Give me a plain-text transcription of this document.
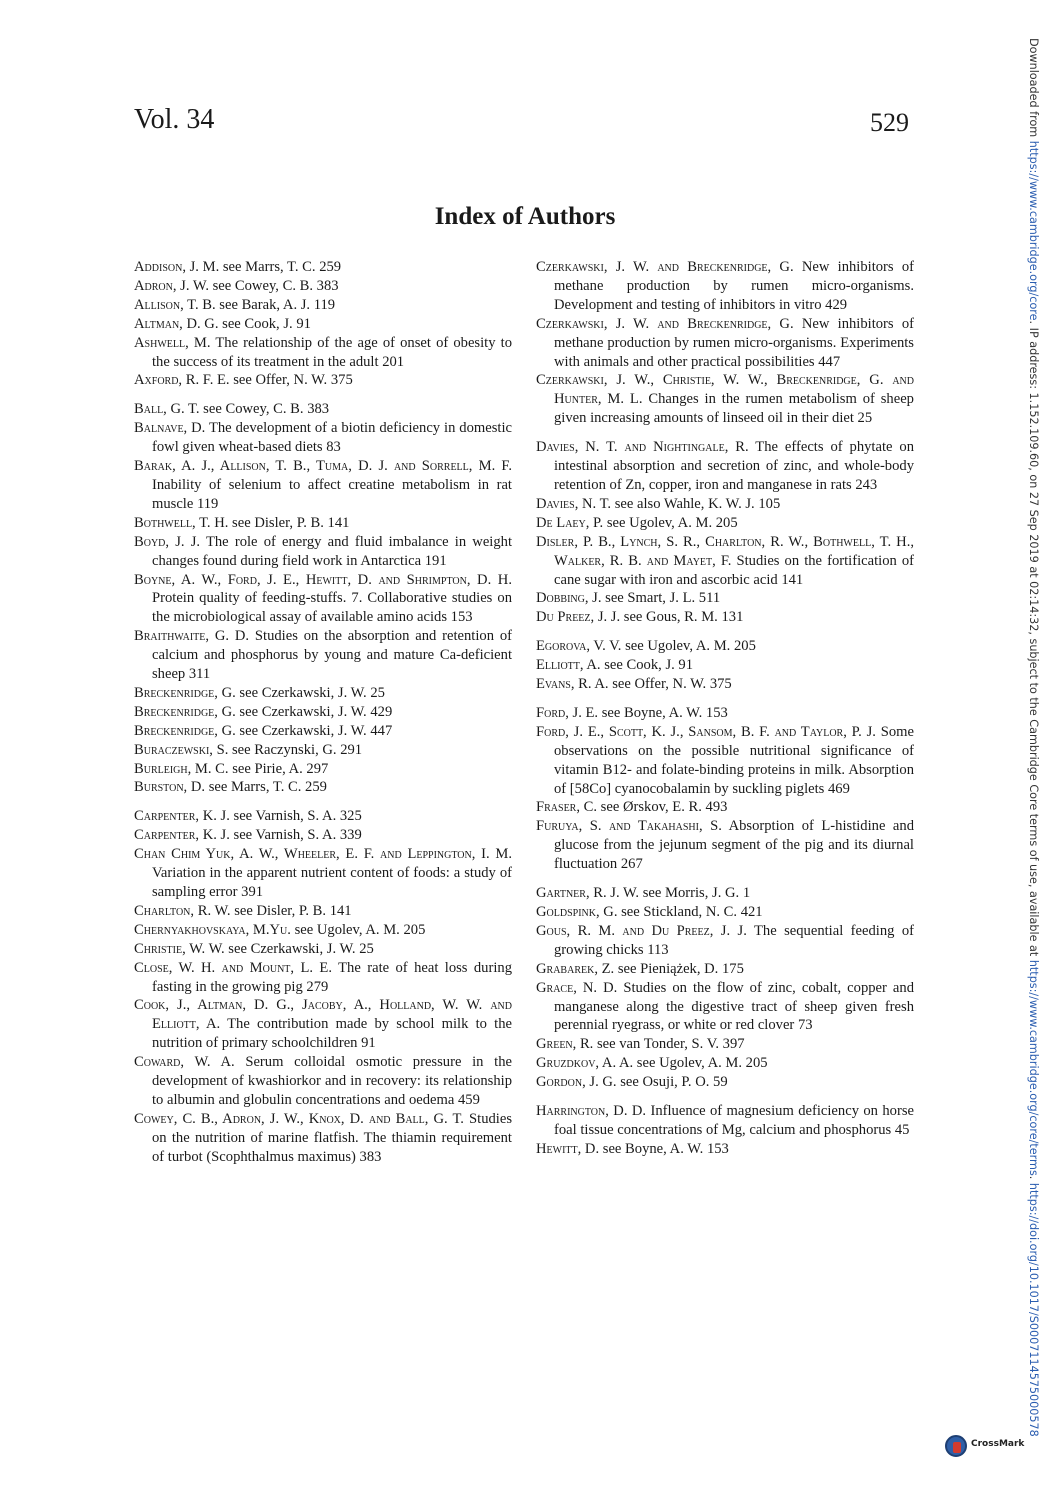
Vol. 34	529
Index of Authors

Addison, J. M. see Marrs, T. C. 259

Adron, J. W. see Cowey, C. B. 383

Allison, T. B. see Barak, A. J. 119

Altman, D. G. see Cook, J. 91

Ashwell, M. The relationship of the age of onset of obesity to the success of its treatment in the adult 201

Axford, R. F. E. see Offer, N. W. 375

Ball, G. T. see Cowey, C. B. 383

Balnave, D. The development of a biotin deficiency in domestic fowl given wheat-based diets 83

Barak, A. J., Allison, T. B., Tuma, D. J. and Sorrell, M. F. Inability of selenium to affect creatine metabolism in rat muscle 119

Bothwell, T. H. see Disler, P. B. 141

Boyd, J. J. The role of energy and fluid imbalance in weight changes found during field work in Antarctica 191

Boyne, A. W., Ford, J. E., Hewitt, D. and Shrimpton, D. H. Protein quality of feeding-stuffs. 7. Collaborative studies on the microbiological assay of available amino acids 153

Braithwaite, G. D. Studies on the absorption and retention of calcium and phosphorus by young and mature Ca-deficient sheep 311

Breckenridge, G. see Czerkawski, J. W. 25

Breckenridge, G. see Czerkawski, J. W. 429

Breckenridge, G. see Czerkawski, J. W. 447

Buraczewski, S. see Raczynski, G. 291

Burleigh, M. C. see Pirie, A. 297

Burston, D. see Marrs, T. C. 259

Carpenter, K. J. see Varnish, S. A. 325

Carpenter, K. J. see Varnish, S. A. 339

Chan Chim Yuk, A. W., Wheeler, E. F. and Leppington, I. M. Variation in the apparent nutrient content of foods: a study of sampling error 391

Charlton, R. W. see Disler, P. B. 141

Chernyakhovskaya, M.Yu. see Ugolev, A. M. 205

Christie, W. W. see Czerkawski, J. W. 25

Close, W. H. and Mount, L. E. The rate of heat loss during fasting in the growing pig 279

Cook, J., Altman, D. G., Jacoby, A., Holland, W. W. and Elliott, A. The contribution made by school milk to the nutrition of primary schoolchildren 91

Coward, W. A. Serum colloidal osmotic pressure in the development of kwashiorkor and in recovery: its relationship to albumin and globulin concentrations and oedema 459

Cowey, C. B., Adron, J. W., Knox, D. and Ball, G. T. Studies on the nutrition of marine flatfish. The thiamin requirement of turbot (Scophthalmus maximus) 383

Czerkawski, J. W. and Breckenridge, G. New inhibitors of methane production by rumen micro-organisms. Development and testing of inhibitors in vitro 429

Czerkawski, J. W. and Breckenridge, G. New inhibitors of methane production by rumen micro-organisms. Experiments with animals and other practical possibilities 447

Czerkawski, J. W., Christie, W. W., Breckenridge, G. and Hunter, M. L. Changes in the rumen metabolism of sheep given increasing amounts of linseed oil in their diet 25

Davies, N. T. and Nightingale, R. The effects of phytate on intestinal absorption and secretion of zinc, and whole-body retention of Zn, copper, iron and manganese in rats 243

Davies, N. T. see also Wahle, K. W. J. 105

De Laey, P. see Ugolev, A. M. 205

Disler, P. B., Lynch, S. R., Charlton, R. W., Bothwell, T. H., Walker, R. B. and Mayet, F. Studies on the fortification of cane sugar with iron and ascorbic acid 141

Dobbing, J. see Smart, J. L. 511

Du Preez, J. J. see Gous, R. M. 131

Egorova, V. V. see Ugolev, A. M. 205

Elliott, A. see Cook, J. 91

Evans, R. A. see Offer, N. W. 375

Ford, J. E. see Boyne, A. W. 153

Ford, J. E., Scott, K. J., Sansom, B. F. and Taylor, P. J. Some observations on the possible nutritional significance of vitamin B12- and folate-binding proteins in milk. Absorption of [58Co] cyanocobalamin by suckling piglets 469

Fraser, C. see Ørskov, E. R. 493

Furuya, S. and Takahashi, S. Absorption of L-histidine and glucose from the jejunum segment of the pig and its diurnal fluctuation 267

Gartner, R. J. W. see Morris, J. G. 1

Goldspink, G. see Stickland, N. C. 421

Gous, R. M. and Du Preez, J. J. The sequential feeding of growing chicks 113

Grabarek, Z. see Pieniążek, D. 175

Grace, N. D. Studies on the flow of zinc, cobalt, copper and manganese along the digestive tract of sheep given fresh perennial ryegrass, or white or red clover 73

Green, R. see van Tonder, S. V. 397

Gruzdkov, A. A. see Ugolev, A. M. 205

Gordon, J. G. see Osuji, P. O. 59

Harrington, D. D. Influence of magnesium deficiency on horse foal tissue concentrations of Mg, calcium and phosphorus 45

Hewitt, D. see Boyne, A. W. 153

Downloaded from https://www.cambridge.org/core. IP address: 1.152.109.60, on 27 Sep 2019 at 02:14:32, subject to the Cambridge Core terms of use, available at https://www.cambridge.org/core/terms. https://doi.org/10.1017/S0007114575000578
CrossMark
